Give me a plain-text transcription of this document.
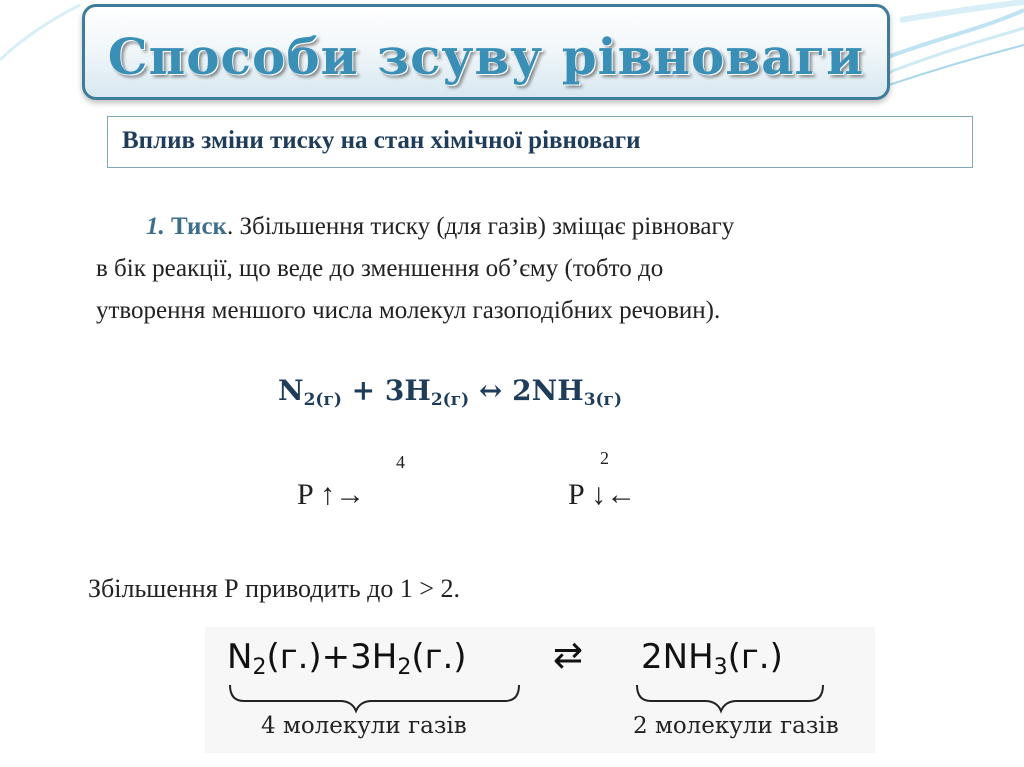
Способи зсуву рівноваги
Вплив зміни тиску на стан хімічної рівноваги
1. Тиск. Збільшення тиску (для газів) зміщає рівновагу
в бік реакції, що веде до зменшення об’єму (тобто до
утворення меншого числа молекул газоподібних речовин).
$N_{2(г)} + 3H_{2(г)}$ ↔ $2NH_{3(г)}$
4
P ↑→
2
P ↓←
Збільшення Р приводить до 1 > 2.
$N_2(г.)+3H_2(г.)$ ⇄ $2NH_3(г.)$
4 молекули газів	2 молекули газів
